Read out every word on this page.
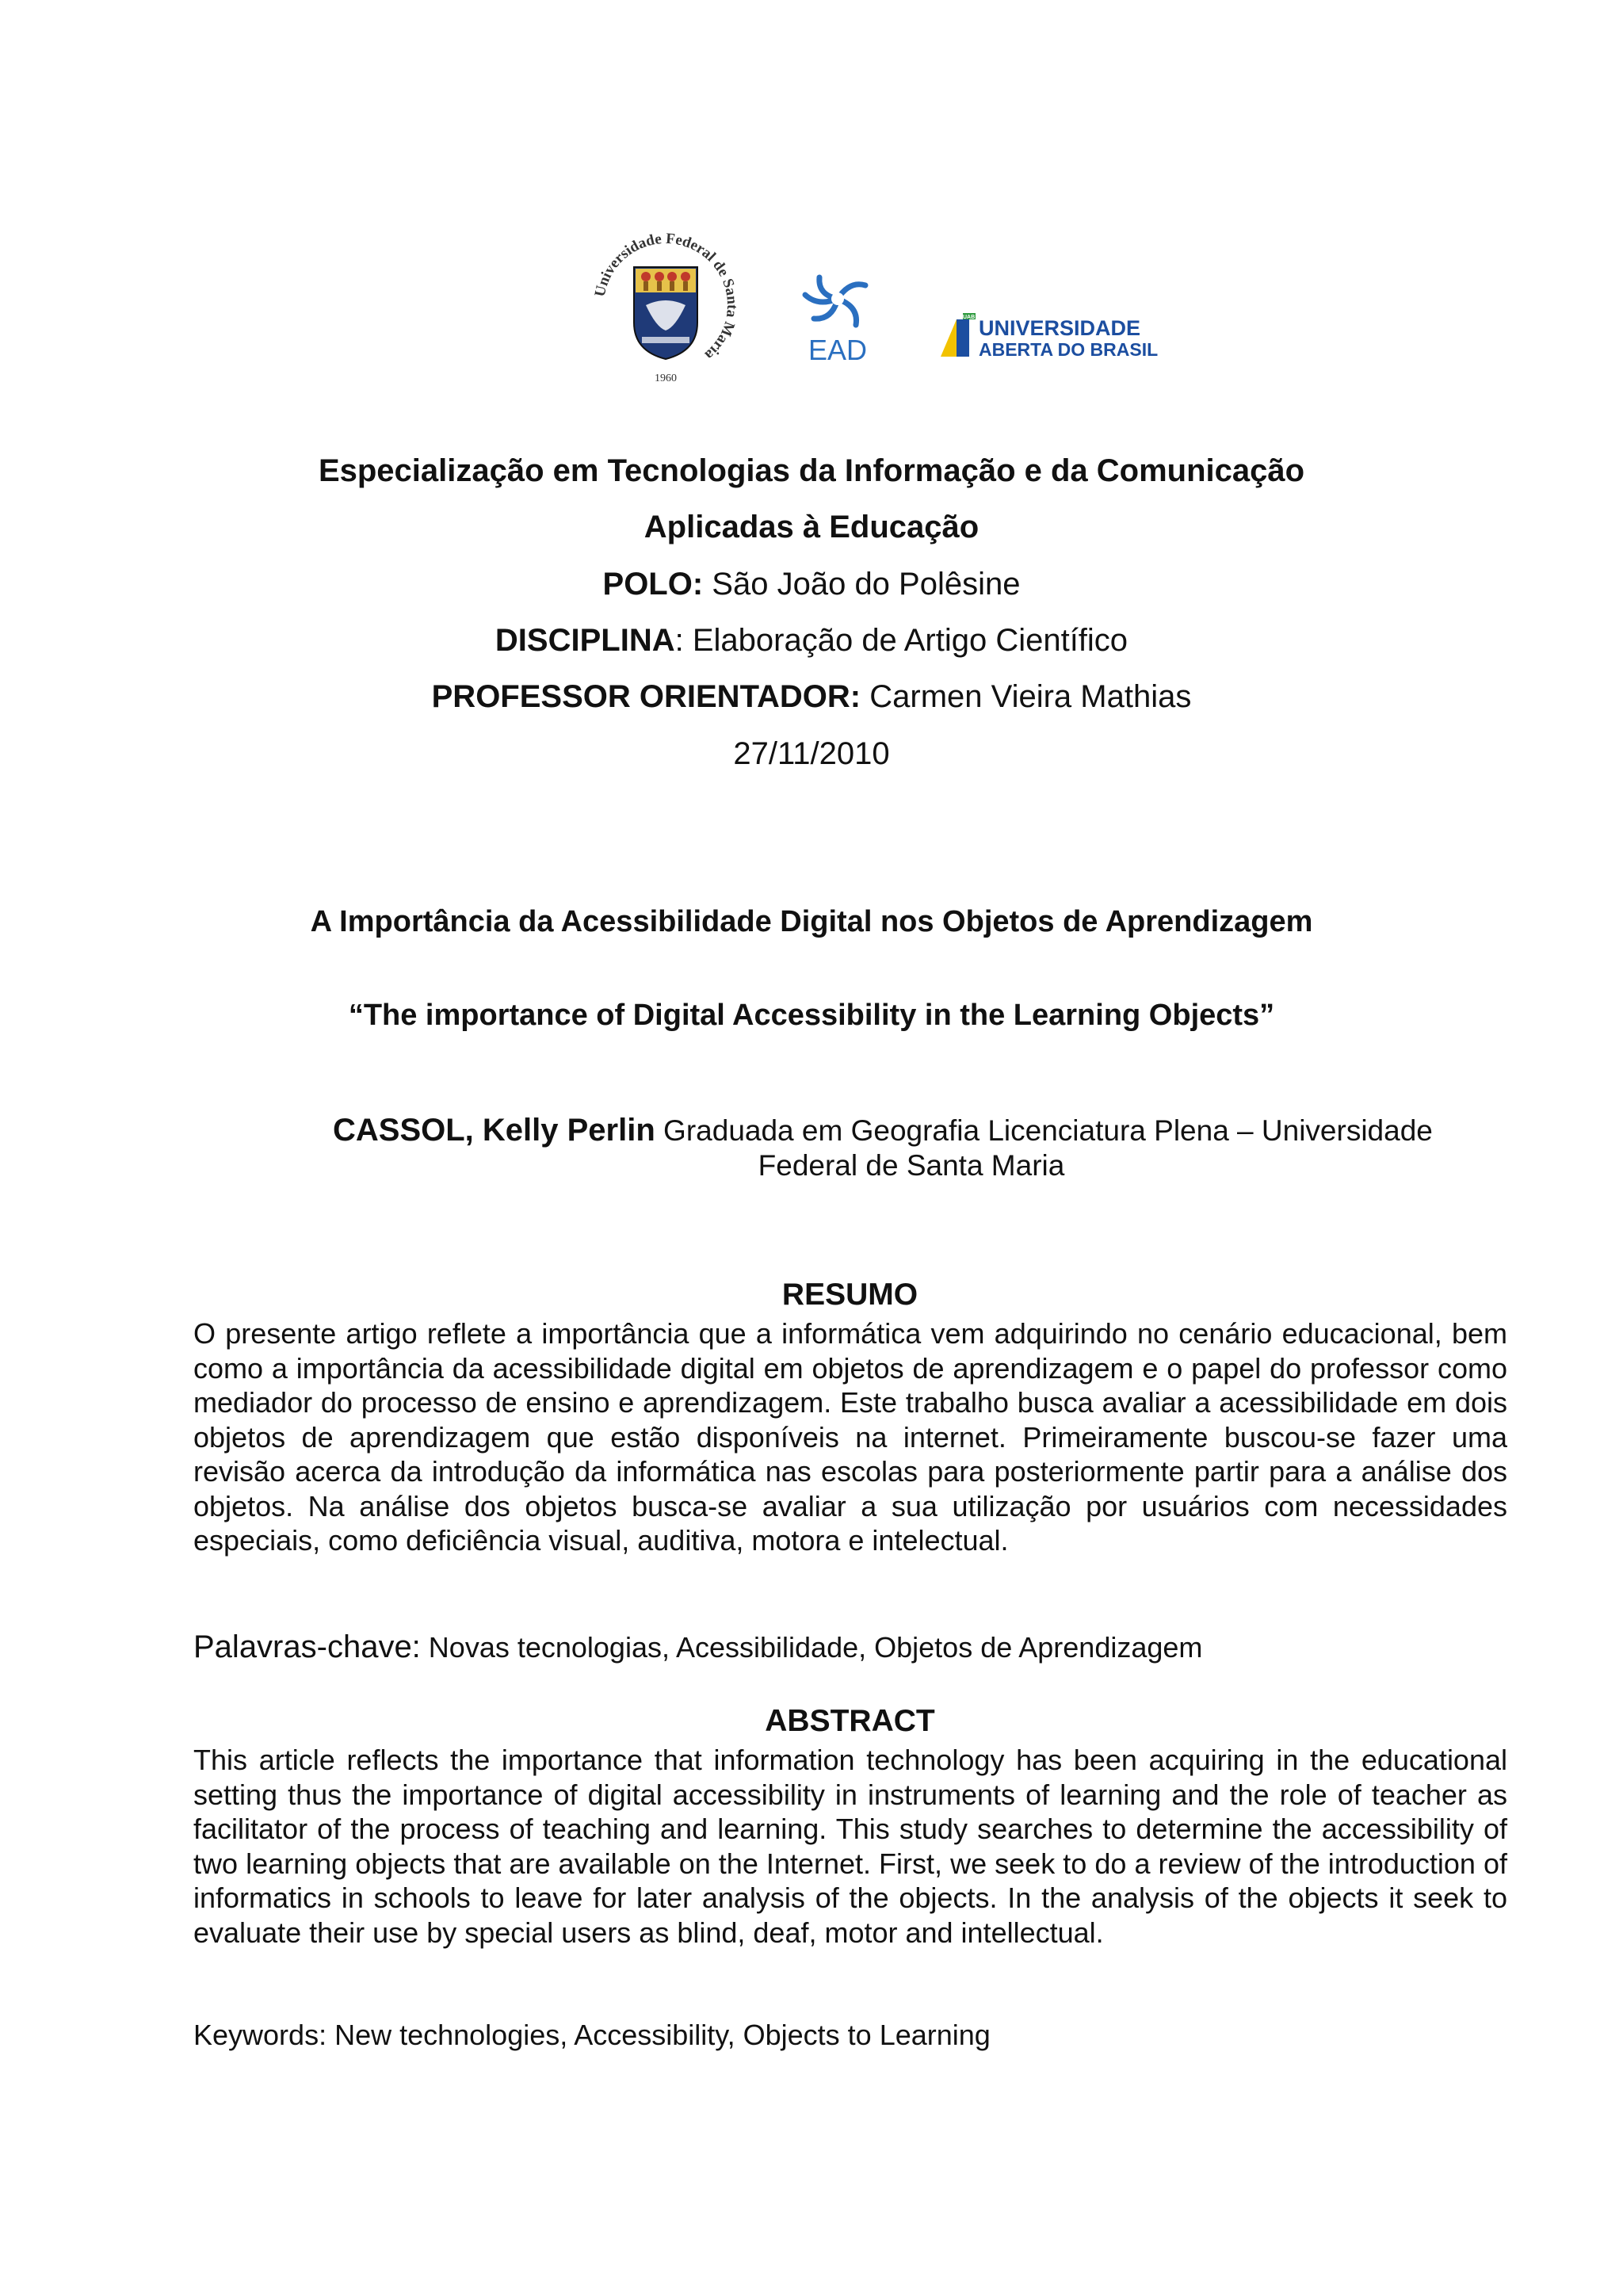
Universidade Federal de Santa Maria
1960
EAD
UAB UNIVERSIDADE
ABERTA DO BRASIL
Especialização em Tecnologias da Informação e da Comunicação
Aplicadas à Educação
POLO: São João do Polêsine
DISCIPLINA: Elaboração de Artigo Científico
PROFESSOR ORIENTADOR: Carmen Vieira Mathias
27/11/2010
A Importância da Acessibilidade Digital nos Objetos de Aprendizagem
“The importance of Digital Accessibility in the Learning Objects”
CASSOL, Kelly Perlin Graduada em Geografia Licenciatura Plena – Universidade
Federal de Santa Maria
RESUMO
O presente artigo reflete a importância que a informática vem adquirindo no cenário educacional, bem como a importância da acessibilidade digital em objetos de aprendizagem e o papel do professor como mediador do processo de ensino e aprendizagem. Este trabalho busca avaliar a acessibilidade em dois objetos de aprendizagem que estão disponíveis na internet. Primeiramente buscou-se fazer uma revisão acerca da introdução da informática nas escolas para posteriormente partir para a análise dos objetos. Na análise dos objetos busca-se avaliar a sua utilização por usuários com necessidades especiais, como deficiência visual, auditiva, motora e intelectual.
Palavras-chave: Novas tecnologias, Acessibilidade, Objetos de Aprendizagem
ABSTRACT
This article reflects the importance that information technology has been acquiring in the educational setting thus the importance of digital accessibility in instruments of learning and the role of teacher as facilitator of the process of teaching and learning. This study searches to determine the accessibility of two learning objects that are available on the Internet. First, we seek to do a review of the introduction of informatics in schools to leave for later analysis of the objects. In the analysis of the objects it seek to evaluate their use by special users as blind, deaf, motor and intellectual.
Keywords: New technologies, Accessibility, Objects to Learning
